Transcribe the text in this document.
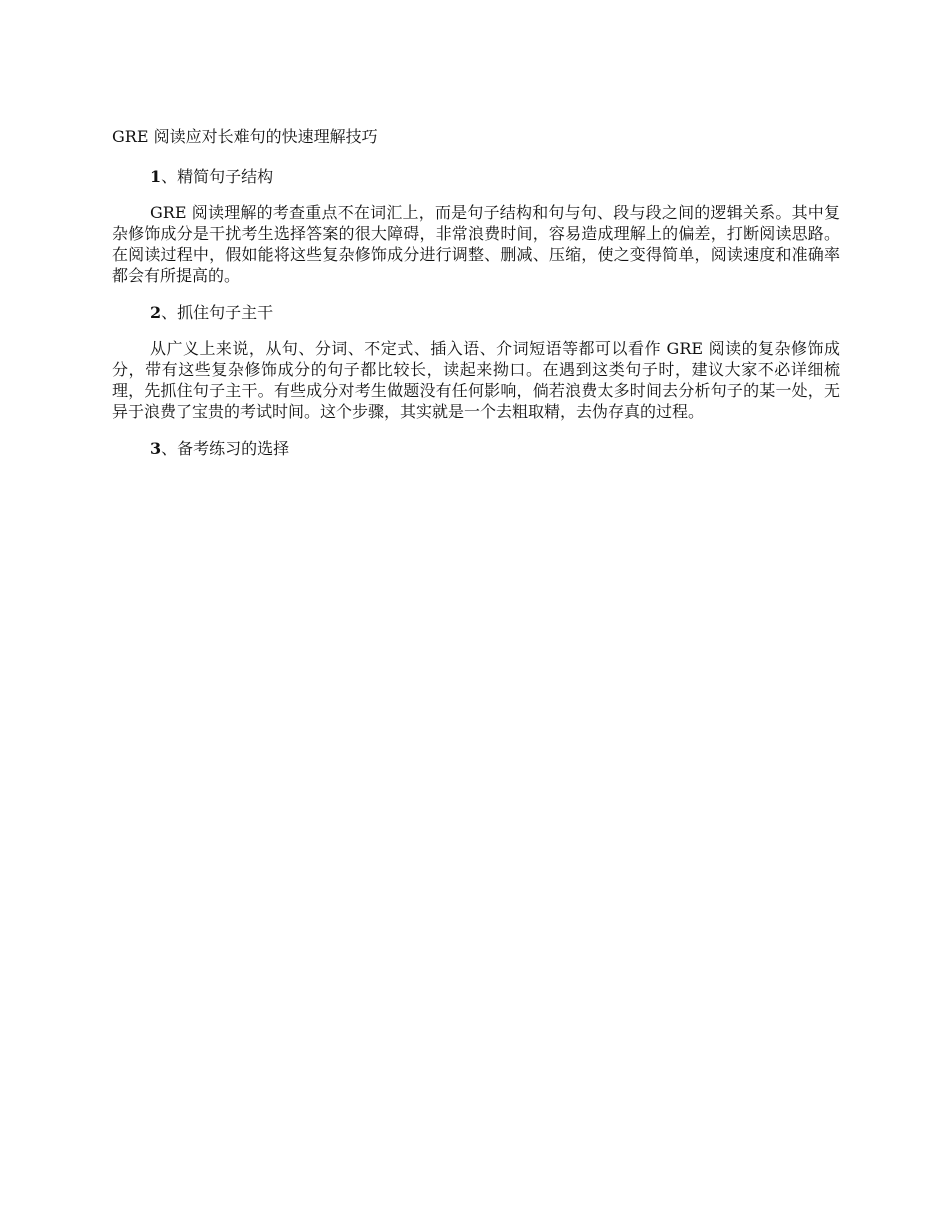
GRE 阅读应对长难句的快速理解技巧

1、精简句子结构

GRE 阅读理解的考查重点不在词汇上，而是句子结构和句与句、段与段之间的逻辑关系。其中复杂修饰成分是干扰考生选择答案的很大障碍，非常浪费时间，容易造成理解上的偏差，打断阅读思路。在阅读过程中，假如能将这些复杂修饰成分进行调整、删减、压缩，使之变得简单，阅读速度和准确率都会有所提高的。

2、抓住句子主干

从广义上来说，从句、分词、不定式、插入语、介词短语等都可以看作 GRE 阅读的复杂修饰成分，带有这些复杂修饰成分的句子都比较长，读起来拗口。在遇到这类句子时，建议大家不必详细梳理，先抓住句子主干。有些成分对考生做题没有任何影响，倘若浪费太多时间去分析句子的某一处，无异于浪费了宝贵的考试时间。这个步骤，其实就是一个去粗取精，去伪存真的过程。

3、备考练习的选择
